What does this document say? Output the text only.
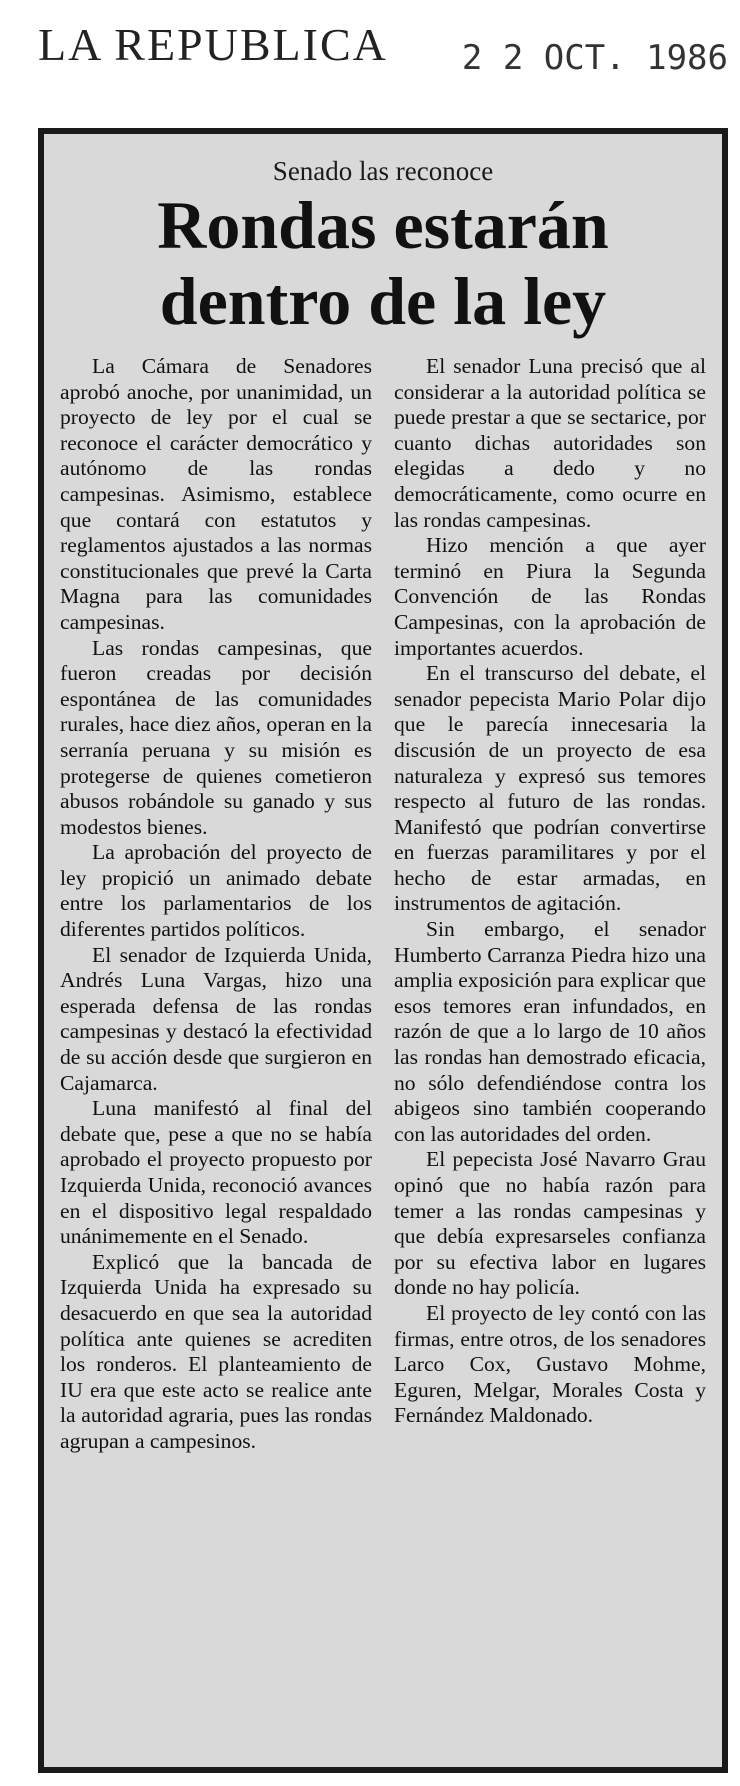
LA REPUBLICA 2 2 OCT. 1986
Senado las reconoce
Rondas estarán
dentro de la ley

La Cámara de Senadores aprobó anoche, por unanimidad, un proyecto de ley por el cual se reconoce el carácter democrático y autónomo de las rondas campesinas. Asimismo, establece que contará con estatutos y reglamentos ajustados a las normas constitucionales que prevé la Carta Magna para las comunidades campesinas.

Las rondas campesinas, que fueron creadas por decisión espontánea de las comunidades rurales, hace diez años, operan en la serranía peruana y su misión es protegerse de quienes cometieron abusos robándole su ganado y sus modestos bienes.

La aprobación del proyecto de ley propició un animado debate entre los parlamentarios de los diferentes partidos políticos.

El senador de Izquierda Unida, Andrés Luna Vargas, hizo una esperada defensa de las rondas campesinas y destacó la efectividad de su acción desde que surgieron en Cajamarca.

Luna manifestó al final del debate que, pese a que no se había aprobado el proyecto propuesto por Izquierda Unida, reconoció avances en el dispositivo legal respaldado unánimemente en el Senado.

Explicó que la bancada de Izquierda Unida ha expresado su desacuerdo en que sea la autoridad política ante quienes se acrediten los ronderos. El planteamiento de IU era que este acto se realice ante la autoridad agraria, pues las rondas agrupan a campesinos.

El senador Luna precisó que al considerar a la autoridad política se puede prestar a que se sectarice, por cuanto dichas autoridades son elegidas a dedo y no democráticamente, como ocurre en las rondas campesinas.

Hizo mención a que ayer terminó en Piura la Segunda Convención de las Rondas Campesinas, con la aprobación de importantes acuerdos.

En el transcurso del debate, el senador pepecista Mario Polar dijo que le parecía innecesaria la discusión de un proyecto de esa naturaleza y expresó sus temores respecto al futuro de las rondas. Manifestó que podrían convertirse en fuerzas paramilitares y por el hecho de estar armadas, en instrumentos de agitación.

Sin embargo, el senador Humberto Carranza Piedra hizo una amplia exposición para explicar que esos temores eran infundados, en razón de que a lo largo de 10 años las rondas han demostrado eficacia, no sólo defendiéndose contra los abigeos sino también cooperando con las autoridades del orden.

El pepecista José Navarro Grau opinó que no había razón para temer a las rondas campesinas y que debía expresarseles confianza por su efectiva labor en lugares donde no hay policía.

El proyecto de ley contó con las firmas, entre otros, de los senadores Larco Cox, Gustavo Mohme, Eguren, Melgar, Morales Costa y Fernández Maldonado.
